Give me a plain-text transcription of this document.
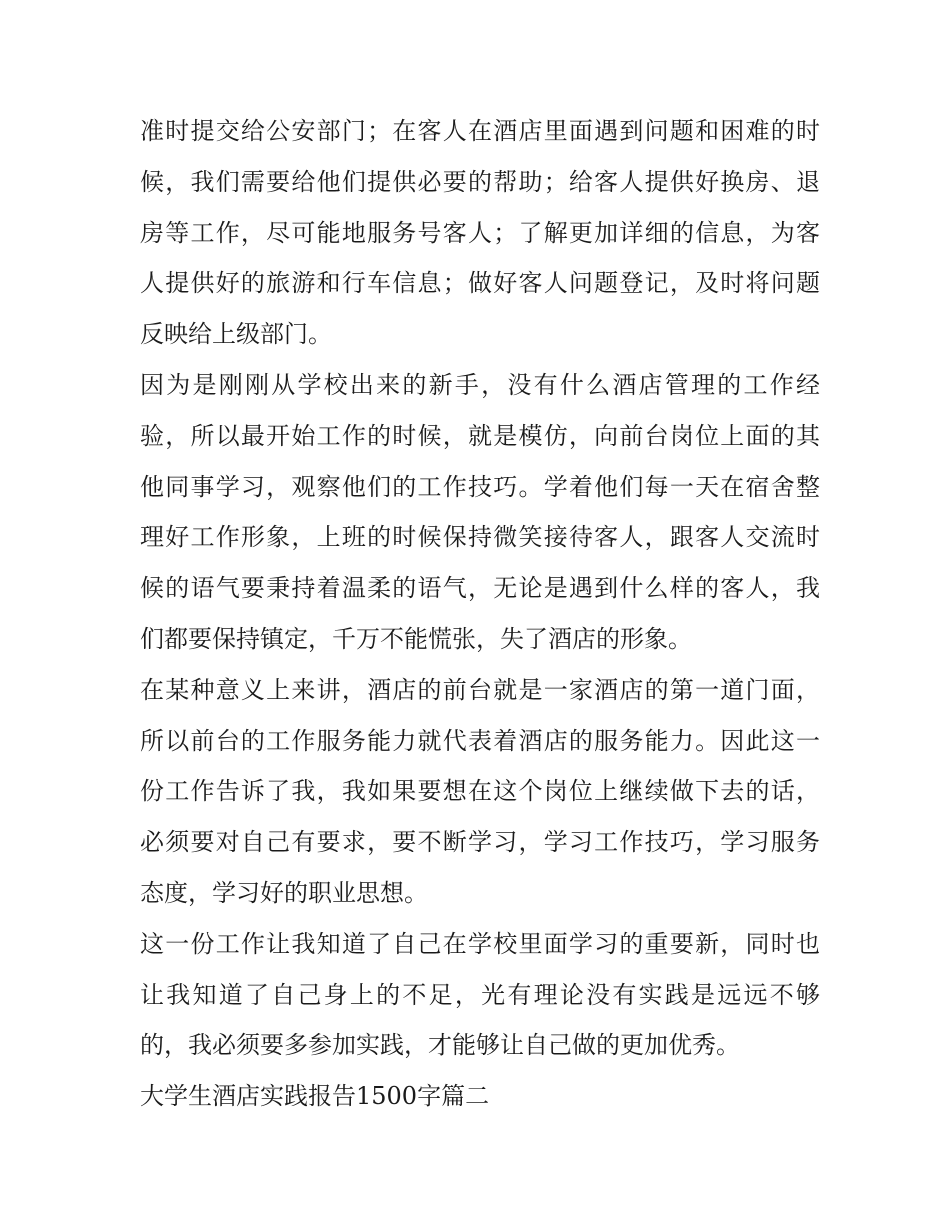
准时提交给公安部门；在客人在酒店里面遇到问题和困难的时
候，我们需要给他们提供必要的帮助；给客人提供好换房、退
房等工作，尽可能地服务号客人；了解更加详细的信息，为客
人提供好的旅游和行车信息；做好客人问题登记，及时将问题
反映给上级部门。
因为是刚刚从学校出来的新手，没有什么酒店管理的工作经
验，所以最开始工作的时候，就是模仿，向前台岗位上面的其
他同事学习，观察他们的工作技巧。学着他们每一天在宿舍整
理好工作形象，上班的时候保持微笑接待客人，跟客人交流时
候的语气要秉持着温柔的语气，无论是遇到什么样的客人，我
们都要保持镇定，千万不能慌张，失了酒店的形象。
在某种意义上来讲，酒店的前台就是一家酒店的第一道门面，
所以前台的工作服务能力就代表着酒店的服务能力。因此这一
份工作告诉了我，我如果要想在这个岗位上继续做下去的话，
必须要对自己有要求，要不断学习，学习工作技巧，学习服务
态度，学习好的职业思想。
这一份工作让我知道了自己在学校里面学习的重要新，同时也
让我知道了自己身上的不足，光有理论没有实践是远远不够
的，我必须要多参加实践，才能够让自己做的更加优秀。
大学生酒店实践报告1500字篇二
